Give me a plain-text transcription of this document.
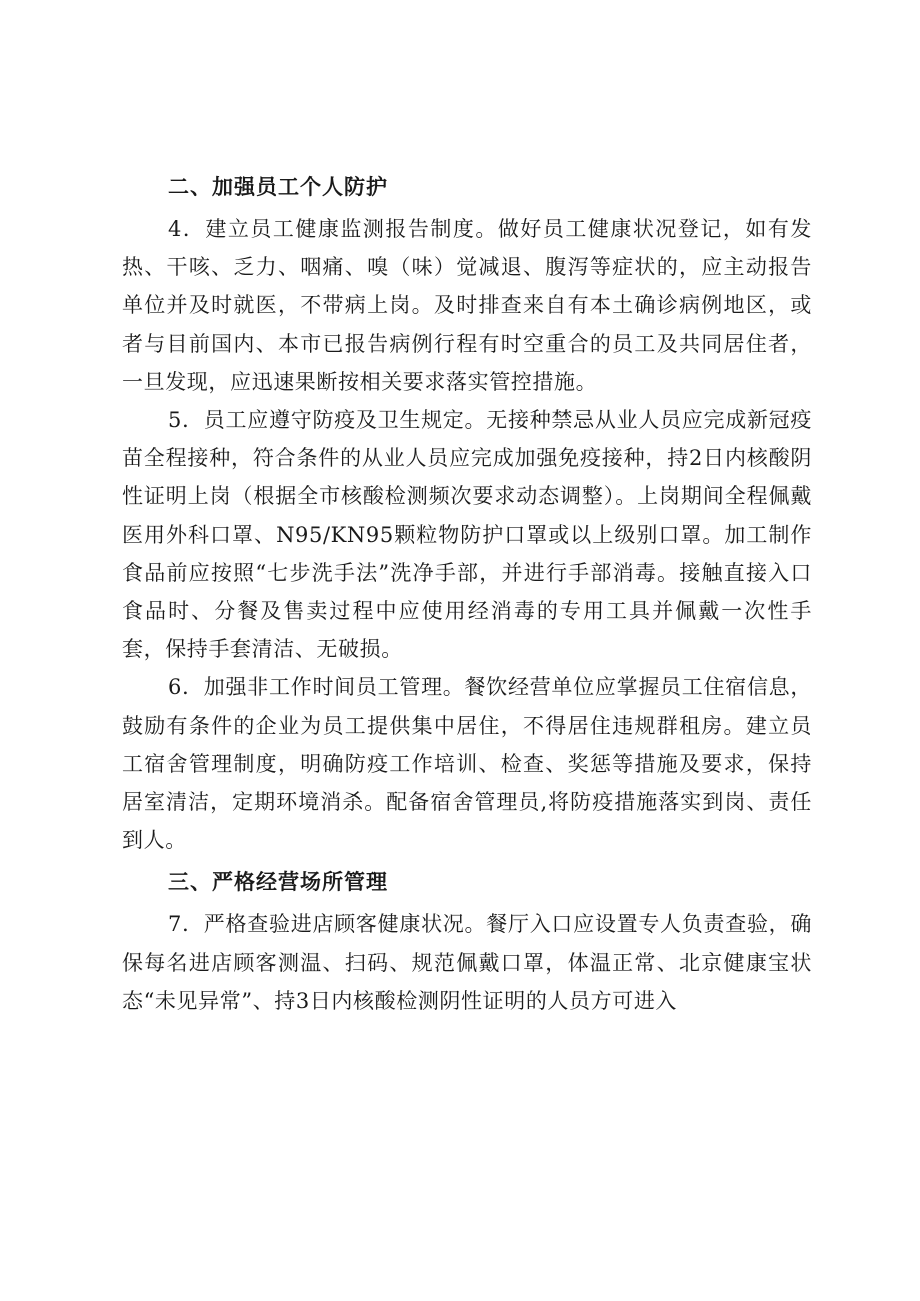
二、加强员工个人防护

4．建立员工健康监测报告制度。做好员工健康状况登记，如有发热、干咳、乏力、咽痛、嗅（味）觉减退、腹泻等症状的，应主动报告单位并及时就医，不带病上岗。及时排查来自有本土确诊病例地区，或者与目前国内、本市已报告病例行程有时空重合的员工及共同居住者，一旦发现，应迅速果断按相关要求落实管控措施。

5．员工应遵守防疫及卫生规定。无接种禁忌从业人员应完成新冠疫苗全程接种，符合条件的从业人员应完成加强免疫接种，持2日内核酸阴性证明上岗（根据全市核酸检测频次要求动态调整）。上岗期间全程佩戴医用外科口罩、N95/KN95颗粒物防护口罩或以上级别口罩。加工制作食品前应按照“七步洗手法”洗净手部，并进行手部消毒。接触直接入口食品时、分餐及售卖过程中应使用经消毒的专用工具并佩戴一次性手套，保持手套清洁、无破损。

6．加强非工作时间员工管理。餐饮经营单位应掌握员工住宿信息，鼓励有条件的企业为员工提供集中居住，不得居住违规群租房。建立员工宿舍管理制度，明确防疫工作培训、检查、奖惩等措施及要求，保持居室清洁，定期环境消杀。配备宿舍管理员,将防疫措施落实到岗、责任到人。

三、严格经营场所管理

7．严格查验进店顾客健康状况。餐厅入口应设置专人负责查验，确保每名进店顾客测温、扫码、规范佩戴口罩，体温正常、北京健康宝状态“未见异常”、持3日内核酸检测阴性证明的人员方可进入
